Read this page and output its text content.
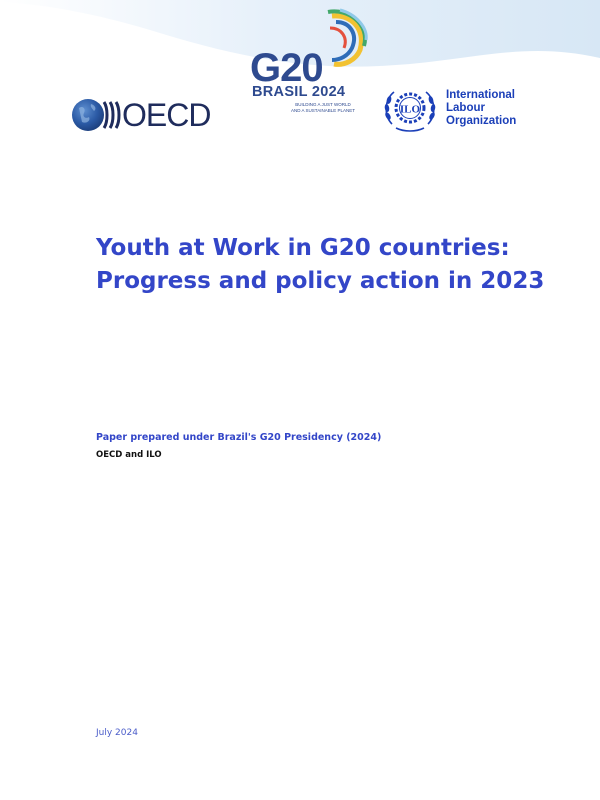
OECD
G20
BRASIL 2024
BUILDING A JUST WORLD
AND A SUSTAINABLE PLANET	ILO
International
Labour
Organization
Youth at Work in G20 countries: Progress and policy action in 2023

Paper prepared under Brazil's G20 Presidency (2024)

OECD and ILO

July 2024
